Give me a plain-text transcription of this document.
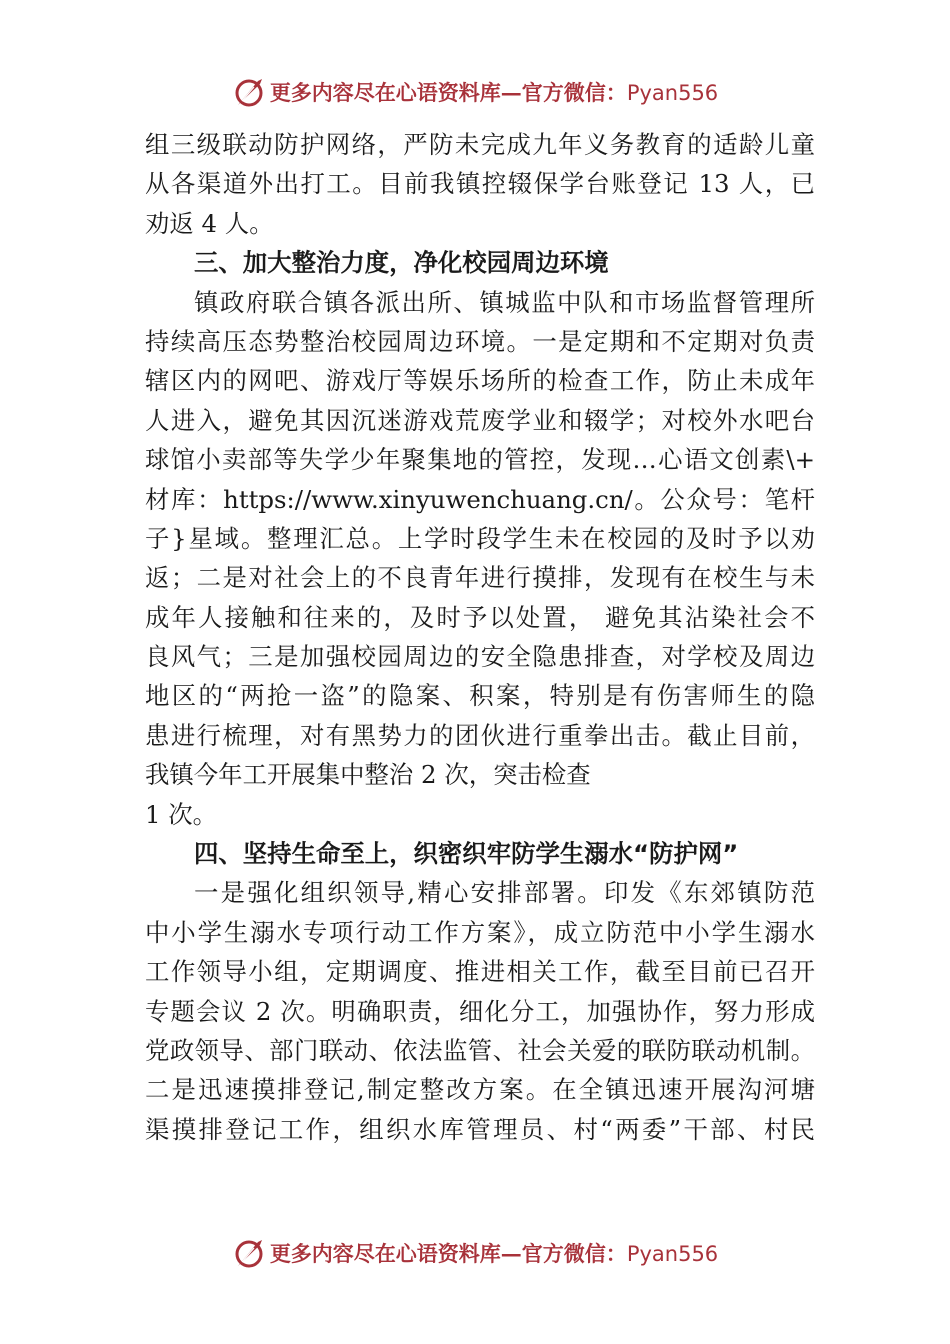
更多内容尽在心语资料库—官方微信：Pyan556
组三级联动防护网络，严防未完成九年义务教育的适龄儿童
从各渠道外出打工。目前我镇控辍保学台账登记 13 人，已
劝返 4 人。
三、加大整治力度，净化校园周边环境
镇政府联合镇各派出所、镇城监中队和市场监督管理所
持续高压态势整治校园周边环境。一是定期和不定期对负责
辖区内的网吧、游戏厅等娱乐场所的检查工作，防止未成年
人进入，避免其因沉迷游戏荒废学业和辍学；对校外水吧台
球馆小卖部等失学少年聚集地的管控，发现…心语文创素\+
材库：https://www.xinyuwenchuang.cn/。公众号：笔杆
子}星域。整理汇总。上学时段学生未在校园的及时予以劝
返；二是对社会上的不良青年进行摸排，发现有在校生与未
成年人接触和往来的，及时予以处置， 避免其沾染社会不
良风气；三是加强校园周边的安全隐患排查，对学校及周边
地区的“两抢一盗”的隐案、积案，特别是有伤害师生的隐
患进行梳理，对有黑势力的团伙进行重拳出击。截止目前，
我镇今年工开展集中整治 2 次，突击检查
1 次。
四、坚持生命至上，织密织牢防学生溺水“防护网”
一是强化组织领导,精心安排部署。印发《东郊镇防范
中小学生溺水专项行动工作方案》，成立防范中小学生溺水
工作领导小组，定期调度、推进相关工作，截至目前已召开
专题会议 2 次。明确职责，细化分工，加强协作，努力形成
党政领导、部门联动、依法监管、社会关爱的联防联动机制。
二是迅速摸排登记,制定整改方案。在全镇迅速开展沟河塘
渠摸排登记工作，组织水库管理员、村“两委”干部、村民
更多内容尽在心语资料库—官方微信：Pyan556
